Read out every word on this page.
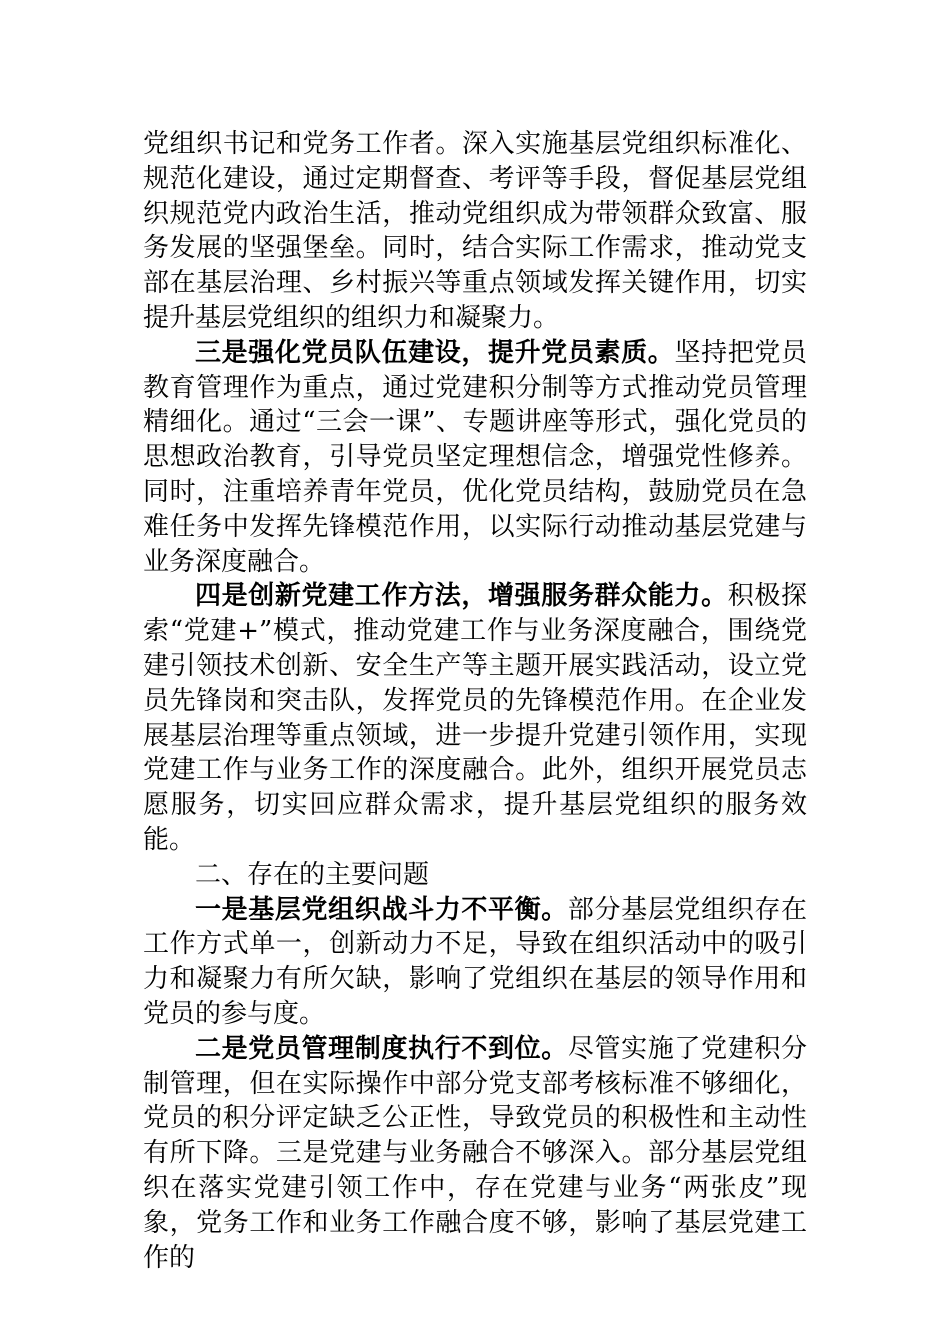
党组织书记和党务工作者。深入实施基层党组织标准化、规范化建设，通过定期督查、考评等手段，督促基层党组织规范党内政治生活，推动党组织成为带领群众致富、服务发展的坚强堡垒。同时，结合实际工作需求，推动党支部在基层治理、乡村振兴等重点领域发挥关键作用，切实提升基层党组织的组织力和凝聚力。

三是强化党员队伍建设，提升党员素质。坚持把党员教育管理作为重点，通过党建积分制等方式推动党员管理精细化。通过“三会一课”、专题讲座等形式，强化党员的思想政治教育，引导党员坚定理想信念，增强党性修养。同时，注重培养青年党员，优化党员结构，鼓励党员在急难任务中发挥先锋模范作用，以实际行动推动基层党建与业务深度融合。

四是创新党建工作方法，增强服务群众能力。积极探索“党建+”模式，推动党建工作与业务深度融合，围绕党建引领技术创新、安全生产等主题开展实践活动，设立党员先锋岗和突击队，发挥党员的先锋模范作用。在企业发展基层治理等重点领域，进一步提升党建引领作用，实现党建工作与业务工作的深度融合。此外，组织开展党员志愿服务，切实回应群众需求，提升基层党组织的服务效能。

二、存在的主要问题

一是基层党组织战斗力不平衡。部分基层党组织存在工作方式单一，创新动力不足，导致在组织活动中的吸引力和凝聚力有所欠缺，影响了党组织在基层的领导作用和党员的参与度。

二是党员管理制度执行不到位。尽管实施了党建积分制管理，但在实际操作中部分党支部考核标准不够细化，党员的积分评定缺乏公正性，导致党员的积极性和主动性有所下降。三是党建与业务融合不够深入。部分基层党组织在落实党建引领工作中，存在党建与业务“两张皮”现象，党务工作和业务工作融合度不够，影响了基层党建工作的
